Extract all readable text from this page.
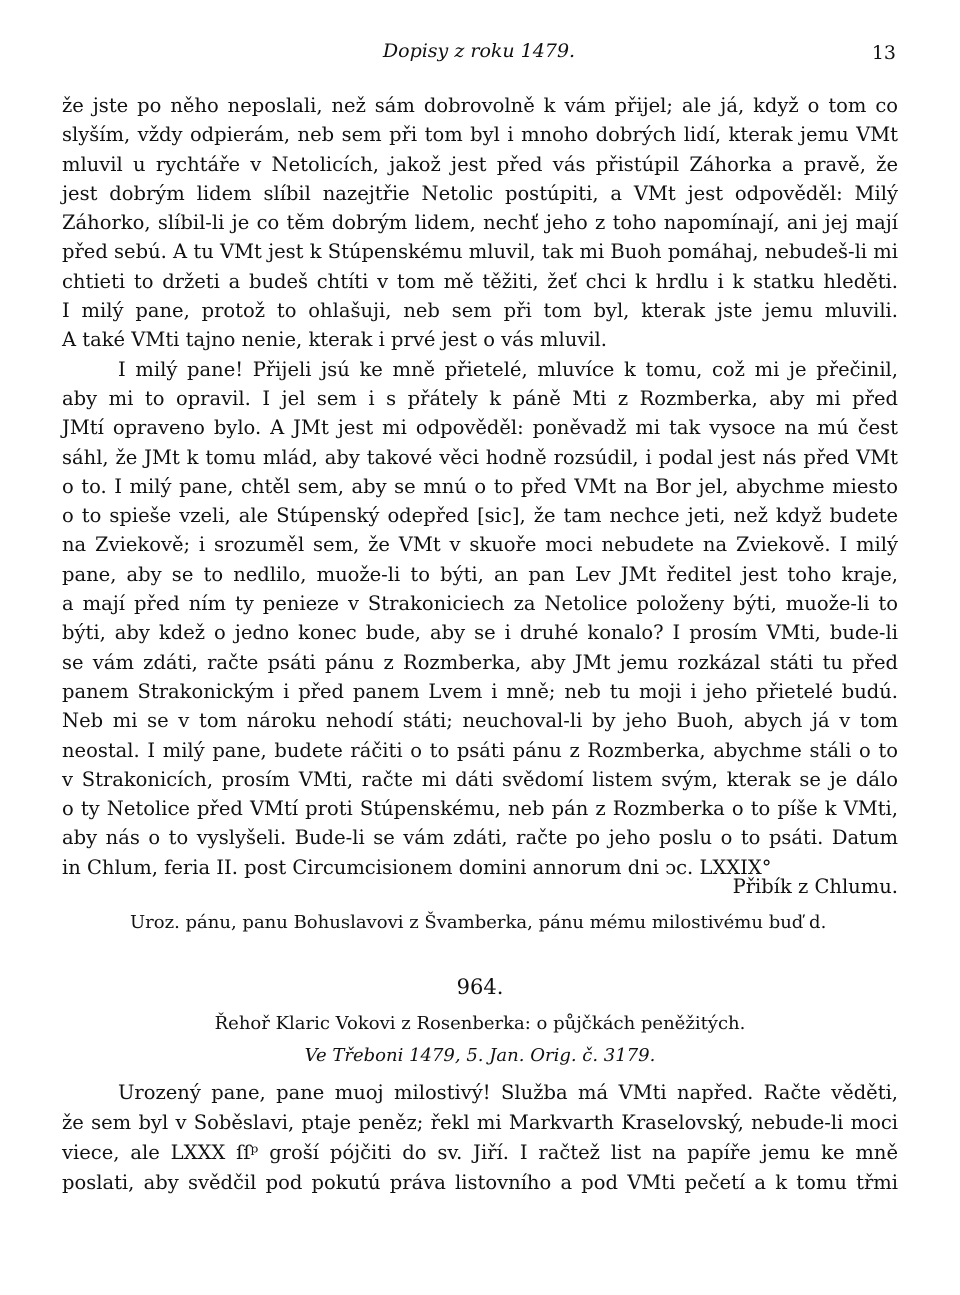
Dopisy z roku 1479.	13
že jste po něho neposlali, než sám dobrovolně k vám přijel; ale já, když o tom co
slyším, vždy odpierám, neb sem při tom byl i mnoho dobrých lidí, kterak jemu VMt
mluvil u rychtáře v Netolicích, jakož jest před vás přistúpil Záhorka a pravě, že
jest dobrým lidem slíbil nazejtřie Netolic postúpiti, a VMt jest odpověděl: Milý
Záhorko, slíbil-li je co těm dobrým lidem, nechť jeho z toho napomínají, ani jej mají
před sebú. A tu VMt jest k Stúpenskému mluvil, tak mi Buoh pomáhaj, nebudeš-li mi
chtieti to držeti a budeš chtíti v tom mě těžiti, žeť chci k hrdlu i k statku hleděti.
I milý pane, protož to ohlašuji, neb sem při tom byl, kterak jste jemu mluvili.
A také VMti tajno nenie, kterak i prvé jest o vás mluvil.
I milý pane! Přijeli jsú ke mně přietelé, mluvíce k tomu, což mi je přečinil,
aby mi to opravil. I jel sem i s přátely k páně Mti z Rozmberka, aby mi před
JMtí opraveno bylo. A JMt jest mi odpověděl: poněvadž mi tak vysoce na mú čest
sáhl, že JMt k tomu mlád, aby takové věci hodně rozsúdil, i podal jest nás před VMt
o to. I milý pane, chtěl sem, aby se mnú o to před VMt na Bor jel, abychme miesto
o to spieše vzeli, ale Stúpenský odepřed [sic], že tam nechce jeti, než když budete
na Zviekově; i srozuměl sem, že VMt v skuoře moci nebudete na Zviekově. I milý
pane, aby se to nedlilo, muože-li to býti, an pan Lev JMt ředitel jest toho kraje,
a mají před ním ty penieze v Strakoniciech za Netolice položeny býti, muože-li to
býti, aby kdež o jedno konec bude, aby se i druhé konalo? I prosím VMti, bude-li
se vám zdáti, račte psáti pánu z Rozmberka, aby JMt jemu rozkázal státi tu před
panem Strakonickým i před panem Lvem i mně; neb tu moji i jeho přietelé budú.
Neb mi se v tom nároku nehodí státi; neuchoval-li by jeho Buoh, abych já v tom
neostal. I milý pane, budete ráčiti o to psáti pánu z Rozmberka, abychme stáli o to
v Strakonicích, prosím VMti, račte mi dáti svědomí listem svým, kterak se je dálo
o ty Netolice před VMtí proti Stúpenskému, neb pán z Rozmberka o to píše k VMti,
aby nás o to vyslyšeli. Bude-li se vám zdáti, račte po jeho poslu o to psáti. Datum
in Chlum, feria II. post Circumcisionem domini annorum dni ↄc. LXXIX°
Přibík z Chlumu.
Uroz. pánu, panu Bohuslavovi z Švamberka, pánu mému milostivému buď d.
964.
Řehoř Klaric Vokovi z Rosenberka: o půjčkách peněžitých.
Ve Třeboni 1479, 5. Jan. Orig. č. 3179.
Urozený pane, pane muoj milostivý! Služba má VMti napřed. Račte věděti,
že sem byl v Soběslavi, ptaje peněz; řekl mi Markvarth Kraselovský, nebude-li moci
viece, ale LXXX ſſᵖ groší pójčiti do sv. Jiří. I račtež list na papíře jemu ke mně
poslati, aby svědčil pod pokutú práva listovního a pod VMti pečetí a k tomu třmi
